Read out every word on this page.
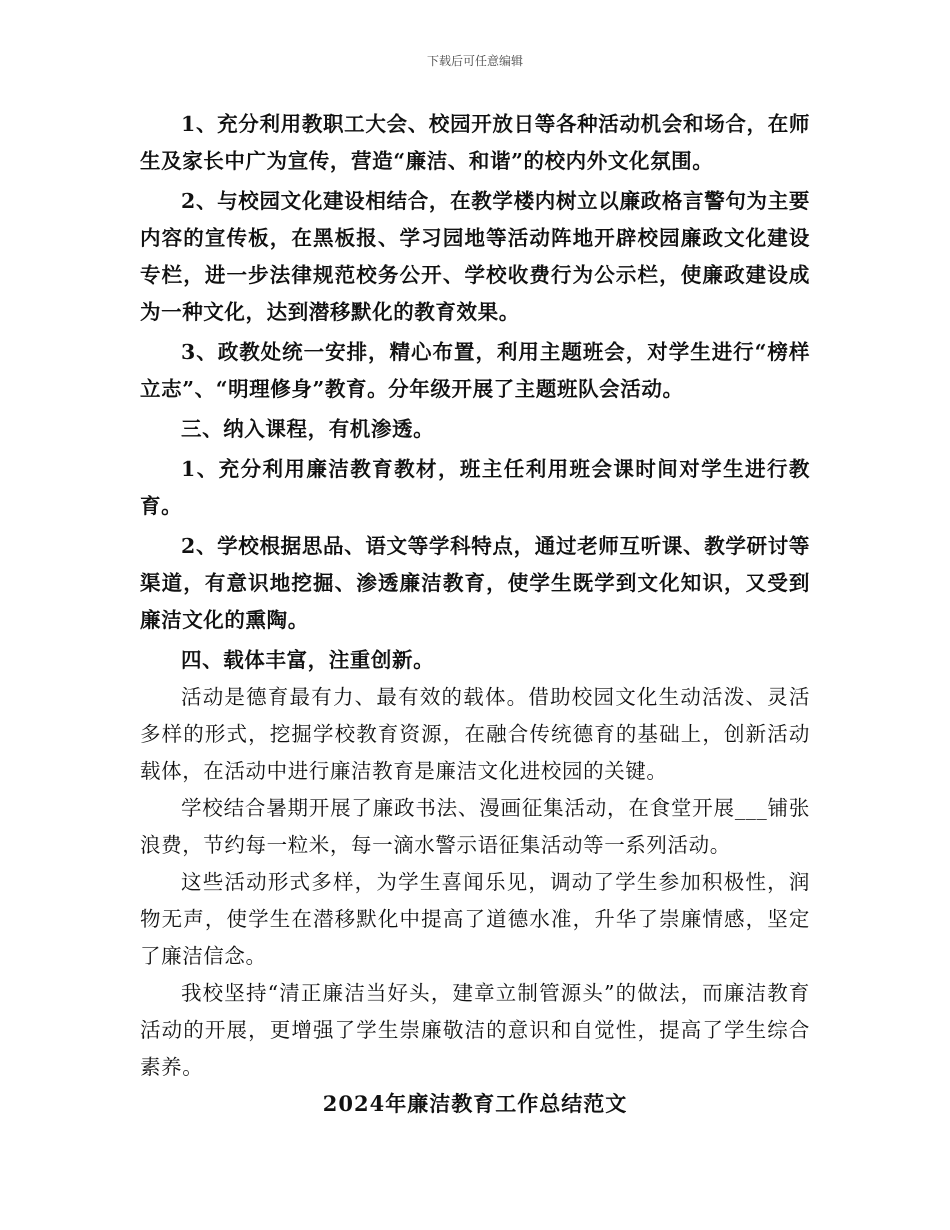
下载后可任意编辑

1、充分利用教职工大会、校园开放日等各种活动机会和场合，在师生及家长中广为宣传，营造“廉洁、和谐”的校内外文化氛围。

2、与校园文化建设相结合，在教学楼内树立以廉政格言警句为主要内容的宣传板，在黑板报、学习园地等活动阵地开辟校园廉政文化建设专栏，进一步法律规范校务公开、学校收费行为公示栏，使廉政建设成为一种文化，达到潜移默化的教育效果。

3、政教处统一安排，精心布置，利用主题班会，对学生进行“榜样立志”、“明理修身”教育。分年级开展了主题班队会活动。

三、纳入课程，有机渗透。

1、充分利用廉洁教育教材，班主任利用班会课时间对学生进行教育。

2、学校根据思品、语文等学科特点，通过老师互听课、教学研讨等渠道，有意识地挖掘、渗透廉洁教育，使学生既学到文化知识，又受到廉洁文化的熏陶。

四、载体丰富，注重创新。

活动是德育最有力、最有效的载体。借助校园文化生动活泼、灵活多样的形式，挖掘学校教育资源，在融合传统德育的基础上，创新活动载体，在活动中进行廉洁教育是廉洁文化进校园的关键。

学校结合暑期开展了廉政书法、漫画征集活动，在食堂开展___铺张浪费，节约每一粒米，每一滴水警示语征集活动等一系列活动。

这些活动形式多样，为学生喜闻乐见，调动了学生参加积极性，润物无声，使学生在潜移默化中提高了道德水准，升华了崇廉情感，坚定了廉洁信念。

我校坚持“清正廉洁当好头，建章立制管源头”的做法，而廉洁教育活动的开展，更增强了学生崇廉敬洁的意识和自觉性，提高了学生综合素养。

2024年廉洁教育工作总结范文
